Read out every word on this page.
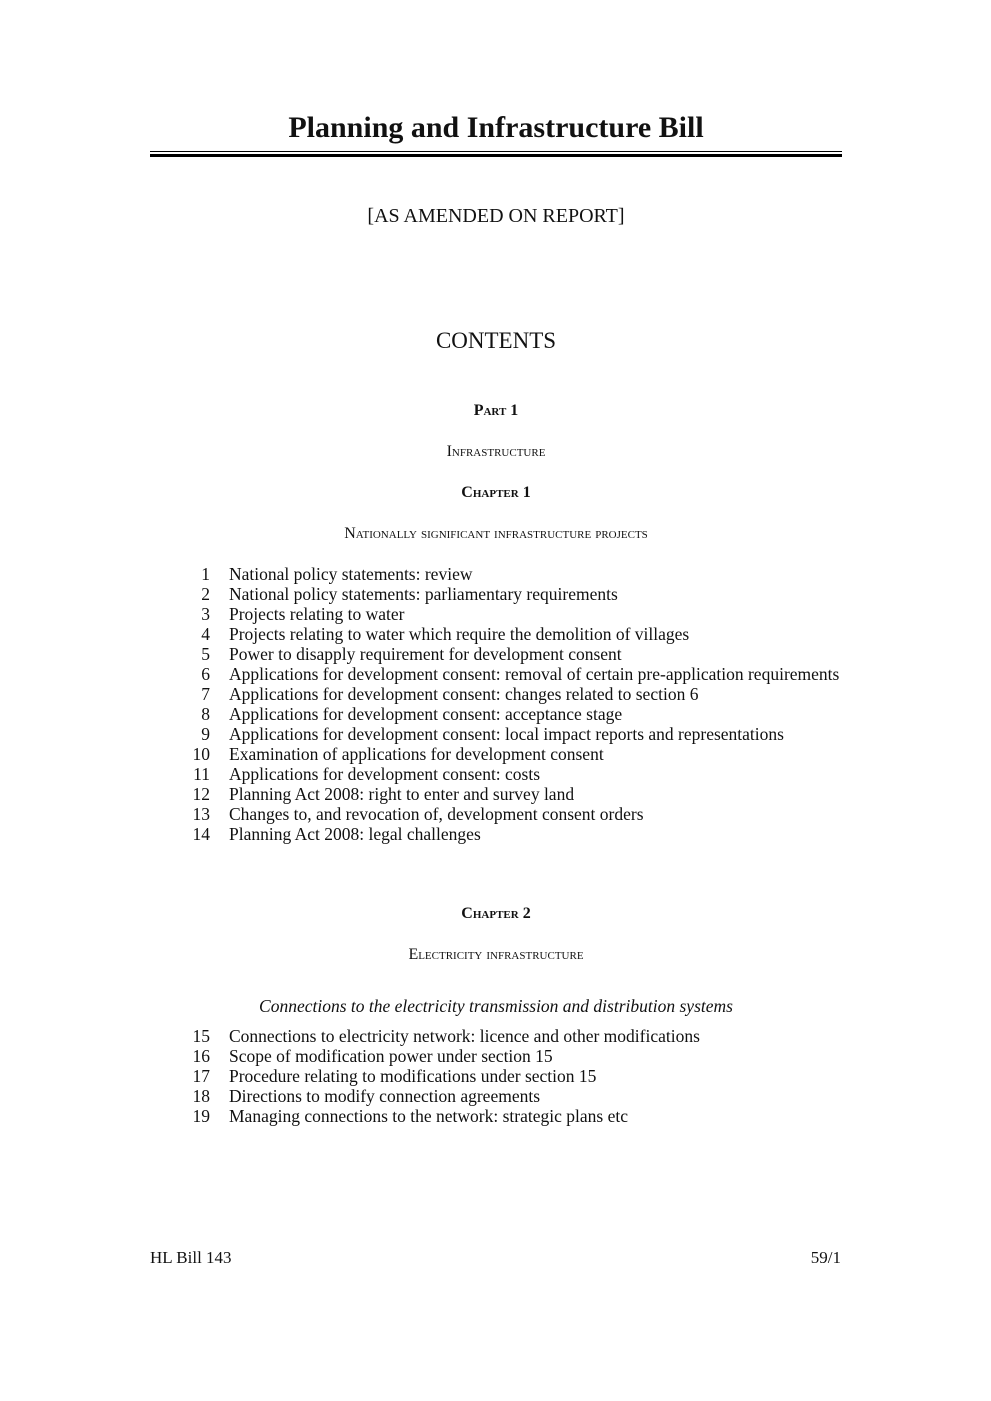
Planning and Infrastructure Bill
[AS AMENDED ON REPORT]
CONTENTS
Part 1
Infrastructure
Chapter 1
Nationally significant infrastructure projects
1	National policy statements: review
2	National policy statements: parliamentary requirements
3	Projects relating to water
4	Projects relating to water which require the demolition of villages
5	Power to disapply requirement for development consent
6	Applications for development consent: removal of certain pre-application requirements
7	Applications for development consent: changes related to section 6
8	Applications for development consent: acceptance stage
9	Applications for development consent: local impact reports and representations
10	Examination of applications for development consent
11	Applications for development consent: costs
12	Planning Act 2008: right to enter and survey land
13	Changes to, and revocation of, development consent orders
14	Planning Act 2008: legal challenges
Chapter 2
Electricity infrastructure
Connections to the electricity transmission and distribution systems
15	Connections to electricity network: licence and other modifications
16	Scope of modification power under section 15
17	Procedure relating to modifications under section 15
18	Directions to modify connection agreements
19	Managing connections to the network: strategic plans etc
HL Bill 143	59/1
